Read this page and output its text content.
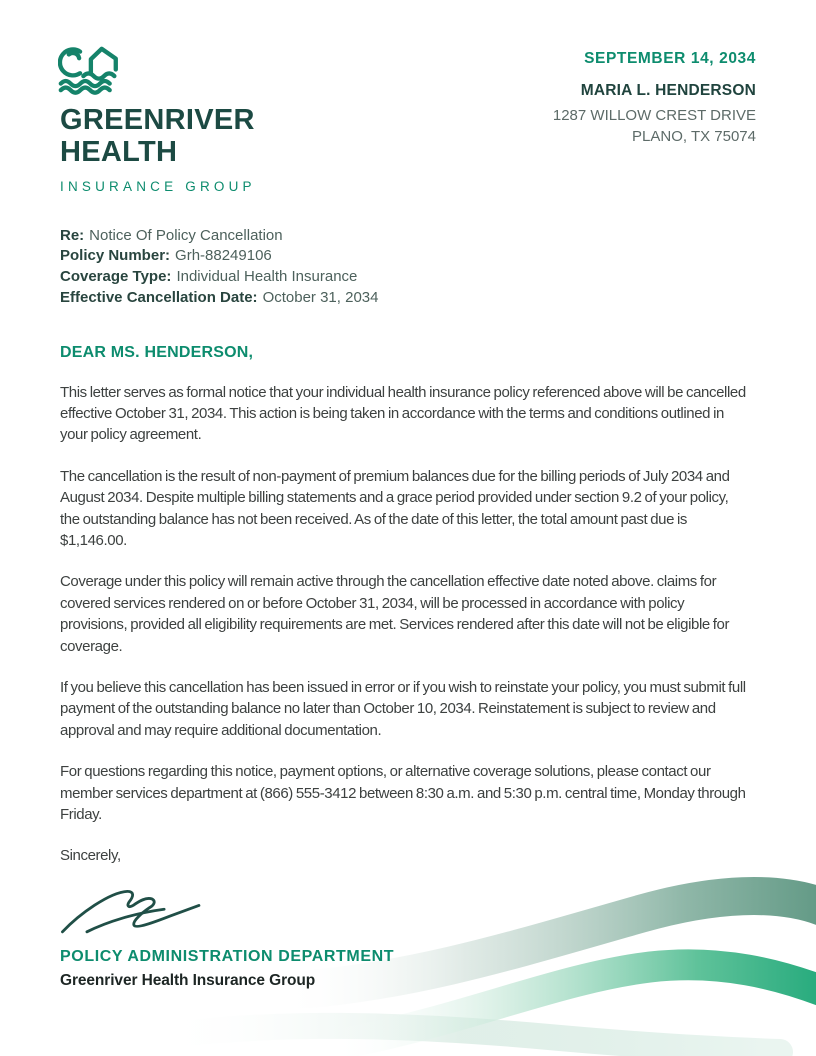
GREENRIVER
HEALTH
INSURANCE GROUP
SEPTEMBER 14, 2034
MARIA L. HENDERSON
1287 WILLOW CREST DRIVE
PLANO, TX 75074
Re: Notice Of Policy Cancellation
Policy Number: Grh-88249106
Coverage Type: Individual Health Insurance
Effective Cancellation Date: October 31, 2034
DEAR MS. HENDERSON,

This letter serves as formal notice that your individual health insurance policy referenced above will be cancelled effective October 31, 2034. This action is being taken in accordance with the terms and conditions outlined in your policy agreement.

The cancellation is the result of non-payment of premium balances due for the billing periods of July 2034 and August 2034. Despite multiple billing statements and a grace period provided under section 9.2 of your policy, the outstanding balance has not been received. As of the date of this letter, the total amount past due is $1,146.00.

Coverage under this policy will remain active through the cancellation effective date noted above. claims for covered services rendered on or before October 31, 2034, will be processed in accordance with policy provisions, provided all eligibility requirements are met. Services rendered after this date will not be eligible for coverage.

If you believe this cancellation has been issued in error or if you wish to reinstate your policy, you must submit full payment of the outstanding balance no later than October 10, 2034. Reinstatement is subject to review and approval and may require additional documentation.

For questions regarding this notice, payment options, or alternative coverage solutions, please contact our member services department at (866) 555-3412 between 8:30 a.m. and 5:30 p.m. central time, Monday through Friday.

Sincerely,

POLICY ADMINISTRATION DEPARTMENT
Greenriver Health Insurance Group
